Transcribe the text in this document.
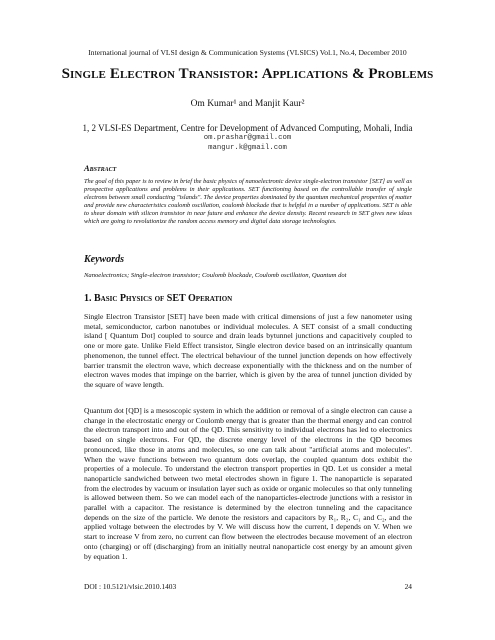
International journal of VLSI design & Communication Systems (VLSICS) Vol.1, No.4, December 2010
Single Electron Transistor: Applications & Problems
Om Kumar¹ and Manjit Kaur²
1, 2 VLSI-ES Department, Centre for Development of Advanced Computing, Mohali, India
om.prashar@gmail.com
mangur.k@gmail.com
Abstract
The goal of this paper is to review in brief the basic physics of nanoelectronic device single-electron transistor [SET] as well as prospective applications and problems in their applications. SET functioning based on the controllable transfer of single electrons between small conducting "islands". The device properties dominated by the quantum mechanical properties of matter and provide new characteristics coulomb oscillation, coulomb blockade that is helpful in a number of applications. SET is able to shear domain with silicon transistor in near future and enhance the device density. Recent research in SET gives new ideas which are going to revolutionize the random access memory and digital data storage technologies.
Keywords
Nanoelectronics; Single-electron transistor; Coulomb blockade, Coulomb oscillation, Quantum dot
1. Basic Physics of SET Operation
Single Electron Transistor [SET] have been made with critical dimensions of just a few nanometer using metal, semiconductor, carbon nanotubes or individual molecules. A SET consist of a small conducting island [ Quantum Dot] coupled to source and drain leads bytunnel junctions and capacitively coupled to one or more gate. Unlike Field Effect transistor, Single electron device based on an intrinsically quantum phenomenon, the tunnel effect. The electrical behaviour of the tunnel junction depends on how effectively barrier transmit the electron wave, which decrease exponentially with the thickness and on the number of electron waves modes that impinge on the barrier, which is given by the area of tunnel junction divided by the square of wave length.
Quantum dot [QD] is a mesoscopic system in which the addition or removal of a single electron can cause a change in the electrostatic energy or Coulomb energy that is greater than the thermal energy and can control the electron transport into and out of the QD. This sensitivity to individual electrons has led to electronics based on single electrons. For QD, the discrete energy level of the electrons in the QD becomes pronounced, like those in atoms and molecules, so one can talk about "artificial atoms and molecules". When the wave functions between two quantum dots overlap, the coupled quantum dots exhibit the properties of a molecule. To understand the electron transport properties in QD. Let us consider a metal nanoparticle sandwiched between two metal electrodes shown in figure 1. The nanoparticle is separated from the electrodes by vacuum or insulation layer such as oxide or organic molecules so that only tunneling is allowed between them. So we can model each of the nanoparticles-electrode junctions with a resistor in parallel with a capacitor. The resistance is determined by the electron tunneling and the capacitance depends on the size of the particle. We denote the resistors and capacitors by R₁, R₂, C₁ and C₂, and the applied voltage between the electrodes by V. We will discuss how the current, I depends on V. When we start to increase V from zero, no current can flow between the electrodes because movement of an electron onto (charging) or off (discharging) from an initially neutral nanoparticle cost energy by an amount given by equation 1.
DOI : 10.5121/vlsic.2010.1403	24
